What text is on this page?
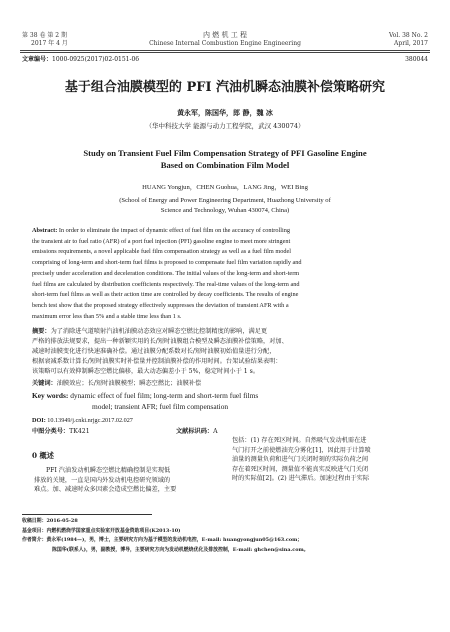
第 38 卷 第 2 期
2017 年 4 月
内 燃 机 工 程
Chinese Internal Combustion Engine Engineering
Vol. 38 No. 2
April, 2017
文章编号：1000-0925(2017)02-0151-06	380044
基于组合油膜模型的 PFI 汽油机瞬态油膜补偿策略研究
黄永军，陈国华，郎 静，魏 冰
（华中科技大学 能源与动力工程学院，武汉 430074）
Study on Transient Fuel Film Compensation Strategy of PFI Gasoline Engine
Based on Combination Film Model
HUANG Yongjun，CHEN Guohua，LANG Jing，WEI Bing
(School of Energy and Power Engineering Department, Huazhong University of
Science and Technology, Wuhan 430074, China)
Abstract: In order to eliminate the impact of dynamic effect of fuel film on the accuracy of controlling
the transient air to fuel ratio (AFR) of a port fuel injection (PFI) gasoline engine to meet more stringent
emissions requirements, a novel applicable fuel film compensation strategy as well as a fuel film model
comprising of long-term and short-term fuel films is proposed to compensate fuel film variation rapidly and
precisely under acceleration and deceleration conditions. The initial values of the long-term and short-term
fuel films are calculated by distribution coefficients respectively. The real-time values of the long-term and
short-term fuel films as well as their action time are controlled by decay coefficients. The results of engine
bench test show that the proposed strategy effectively suppresses the deviation of transient AFR with a
maximum error less than 5% and a stable time less than 1 s.
摘要：为了消除进气道喷射汽油机油膜动态效应对瞬态空燃比控制精度的影响，满足更
严格的排放法规要求，提出一种新颖实用的长/短时油膜组合模型及瞬态油膜补偿策略，对加、
减速时油膜变化进行快速准确补偿。通过油膜分配系数对长/短时油膜初始值量进行分配，
根据衰减系数计算长/短时油膜实时补偿量并控制油膜补偿的作用时间。台架试验结果表明：
该策略可以有效抑制瞬态空燃比偏移，最大动态偏差小于 5%，稳定时间小于 1 s。
关键词：油膜效应；长/短时油膜模型；瞬态空燃比；油膜补偿
Key words: dynamic effect of fuel film; long-term and short-term fuel films
model; transient AFR; fuel film compensation
DOI: 10.13949/j.cnki.nrjgc.2017.02.027
中图分类号：TK421	文献标识码：A
0 概述
PFI 汽油发动机瞬态空燃比精确控制是实现低
排放的关键，一直是国内外发动机电控研究领域的
难点。加、减速时众多因素会造成空燃比偏差，主要
包括：(1) 存在死区时间。自然吸气发动机需在进
气门打开之前使燃油充分雾化[1]，因此用于计算喷
油量的测量负荷和进气门关闭时刻的实际负荷之间
存在着死区时间，测量值不能真实反映进气门关闭
时的实际值[2]。(2) 进气滞后。加速过程由于实际
收稿日期：2016-05-28
基金项目：内燃机燃烧学国家重点实验室开放基金资助项目(K2013-10)
作者简介：黄永军(1984—)，男，博士，主要研究方向为基于模型的发动机电控，E-mail: huangyongjun05@163.com；
陈国华(联系人)，男，副教授，博导，主要研究方向为发动机燃烧优化及排放控制，E-mail: ghchen@sina.com。
